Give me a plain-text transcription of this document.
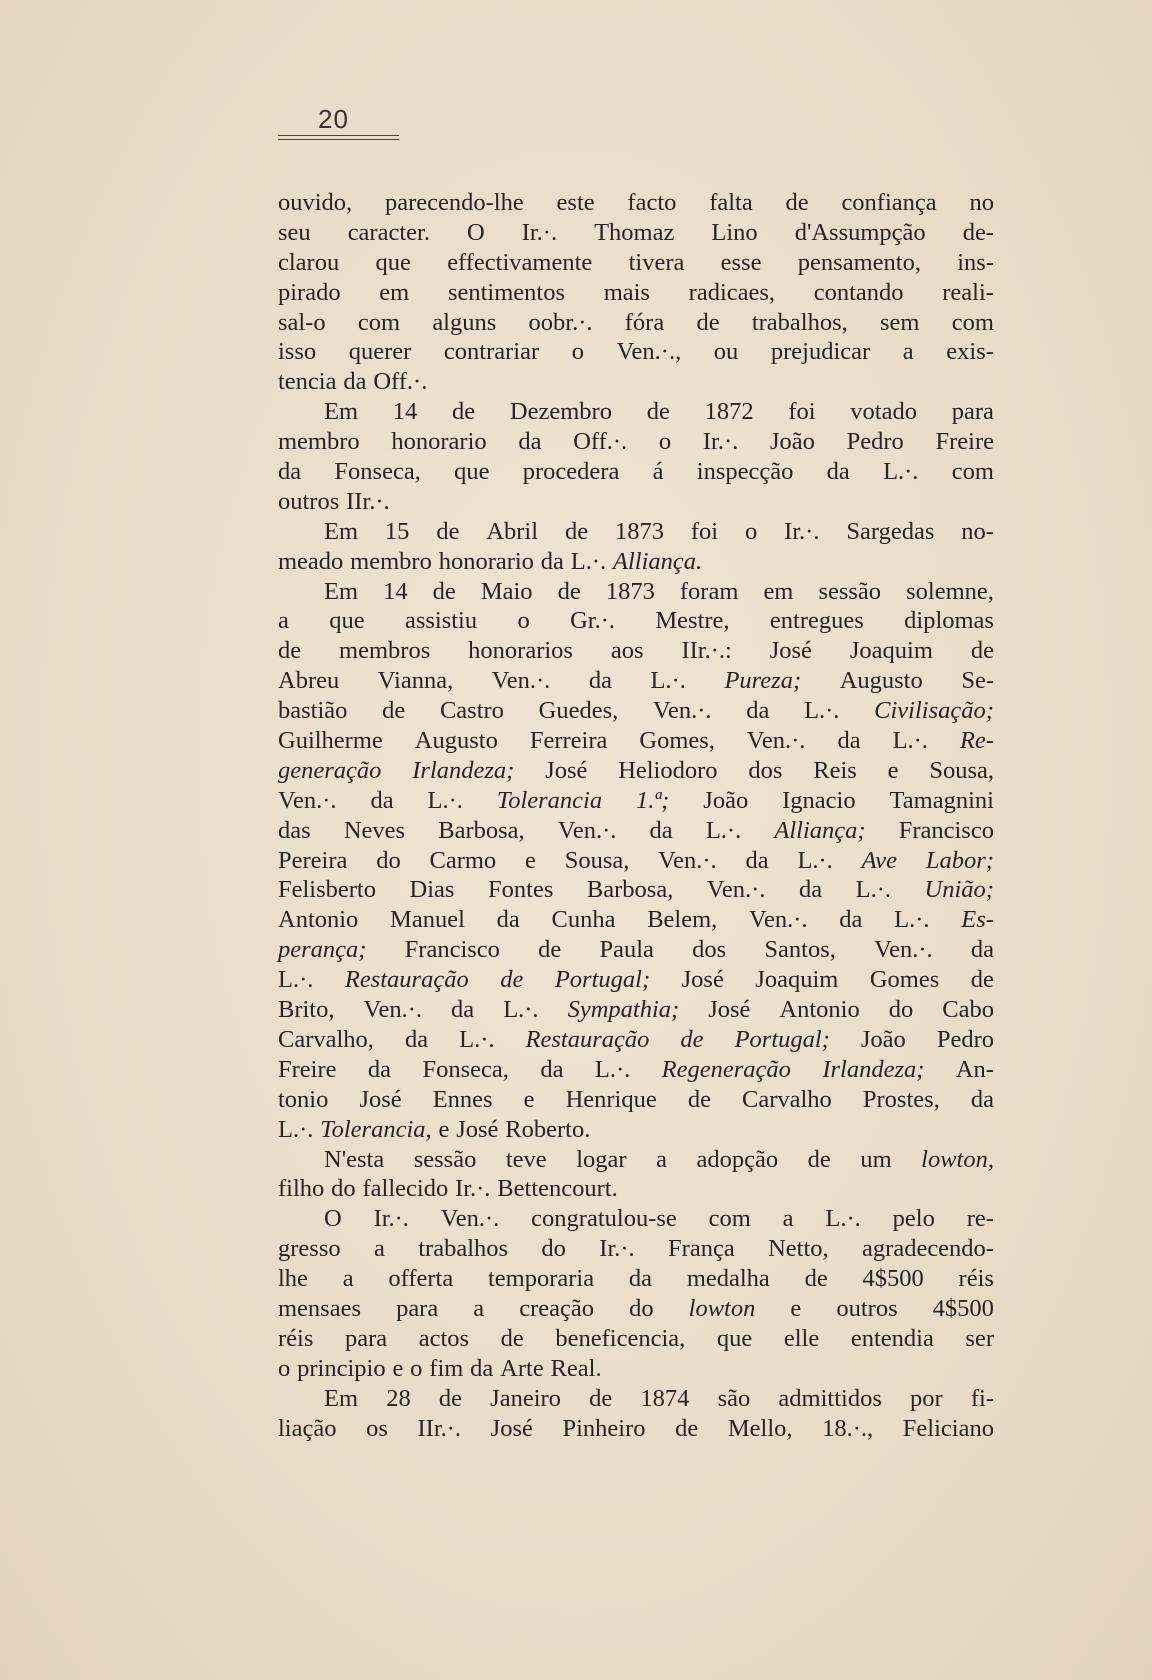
20
ouvido, parecendo-lhe este facto falta de confiança no
seu caracter. O Ir.·. Thomaz Lino d'Assumpção de-
clarou que effectivamente tivera esse pensamento, ins-
pirado em sentimentos mais radicaes, contando reali-
sal-o com alguns oobr.·. fóra de trabalhos, sem com
isso querer contrariar o Ven.·., ou prejudicar a exis-
tencia da Off.·.
Em 14 de Dezembro de 1872 foi votado para
membro honorario da Off.·. o Ir.·. João Pedro Freire
da Fonseca, que procedera á inspecção da L.·. com
outros IIr.·.
Em 15 de Abril de 1873 foi o Ir.·. Sargedas no-
meado membro honorario da L.·. Alliança.
Em 14 de Maio de 1873 foram em sessão solemne,
a que assistiu o Gr.·. Mestre, entregues diplomas
de membros honorarios aos IIr.·.: José Joaquim de
Abreu Vianna, Ven.·. da L.·. Pureza; Augusto Se-
bastião de Castro Guedes, Ven.·. da L.·. Civilisação;
Guilherme Augusto Ferreira Gomes, Ven.·. da L.·. Re-
generação Irlandeza; José Heliodoro dos Reis e Sousa,
Ven.·. da L.·. Tolerancia 1.ª; João Ignacio Tamagnini
das Neves Barbosa, Ven.·. da L.·. Alliança; Francisco
Pereira do Carmo e Sousa, Ven.·. da L.·. Ave Labor;
Felisberto Dias Fontes Barbosa, Ven.·. da L.·. União;
Antonio Manuel da Cunha Belem, Ven.·. da L.·. Es-
perança; Francisco de Paula dos Santos, Ven.·. da
L.·. Restauração de Portugal; José Joaquim Gomes de
Brito, Ven.·. da L.·. Sympathia; José Antonio do Cabo
Carvalho, da L.·. Restauração de Portugal; João Pedro
Freire da Fonseca, da L.·. Regeneração Irlandeza; An-
tonio José Ennes e Henrique de Carvalho Prostes, da
L.·. Tolerancia, e José Roberto.
N'esta sessão teve logar a adopção de um lowton,
filho do fallecido Ir.·. Bettencourt.
O Ir.·. Ven.·. congratulou-se com a L.·. pelo re-
gresso a trabalhos do Ir.·. França Netto, agradecendo-
lhe a offerta temporaria da medalha de 4$500 réis
mensaes para a creação do lowton e outros 4$500
réis para actos de beneficencia, que elle entendia ser
o principio e o fim da Arte Real.
Em 28 de Janeiro de 1874 são admittidos por fi-
liação os IIr.·. José Pinheiro de Mello, 18.·., Feliciano
